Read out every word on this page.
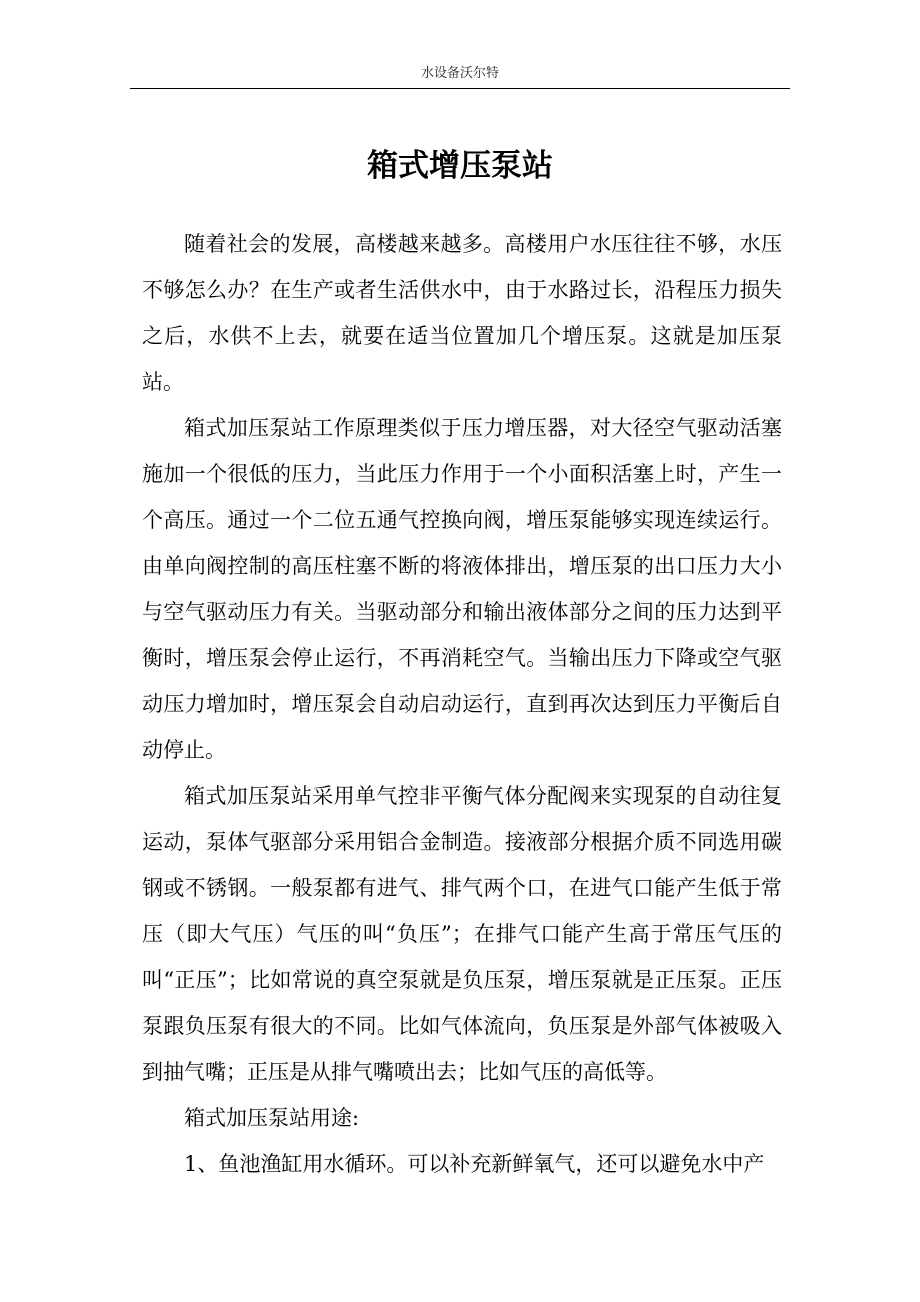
水设备沃尔特
箱式增压泵站

随着社会的发展，高楼越来越多。高楼用户水压往往不够，水压不够怎么办？在生产或者生活供水中，由于水路过长，沿程压力损失之后，水供不上去，就要在适当位置加几个增压泵。这就是加压泵站。

箱式加压泵站工作原理类似于压力增压器，对大径空气驱动活塞施加一个很低的压力，当此压力作用于一个小面积活塞上时，产生一个高压。通过一个二位五通气控换向阀，增压泵能够实现连续运行。由单向阀控制的高压柱塞不断的将液体排出，增压泵的出口压力大小与空气驱动压力有关。当驱动部分和输出液体部分之间的压力达到平衡时，增压泵会停止运行，不再消耗空气。当输出压力下降或空气驱动压力增加时，增压泵会自动启动运行，直到再次达到压力平衡后自动停止。

箱式加压泵站采用单气控非平衡气体分配阀来实现泵的自动往复运动，泵体气驱部分采用铝合金制造。接液部分根据介质不同选用碳钢或不锈钢。一般泵都有进气、排气两个口，在进气口能产生低于常压（即大气压）气压的叫“负压”；在排气口能产生高于常压气压的叫“正压”；比如常说的真空泵就是负压泵，增压泵就是正压泵。正压泵跟负压泵有很大的不同。比如气体流向，负压泵是外部气体被吸入到抽气嘴；正压是从排气嘴喷出去；比如气压的高低等。

箱式加压泵站用途:

1、鱼池渔缸用水循环。可以补充新鲜氧气，还可以避免水中产
